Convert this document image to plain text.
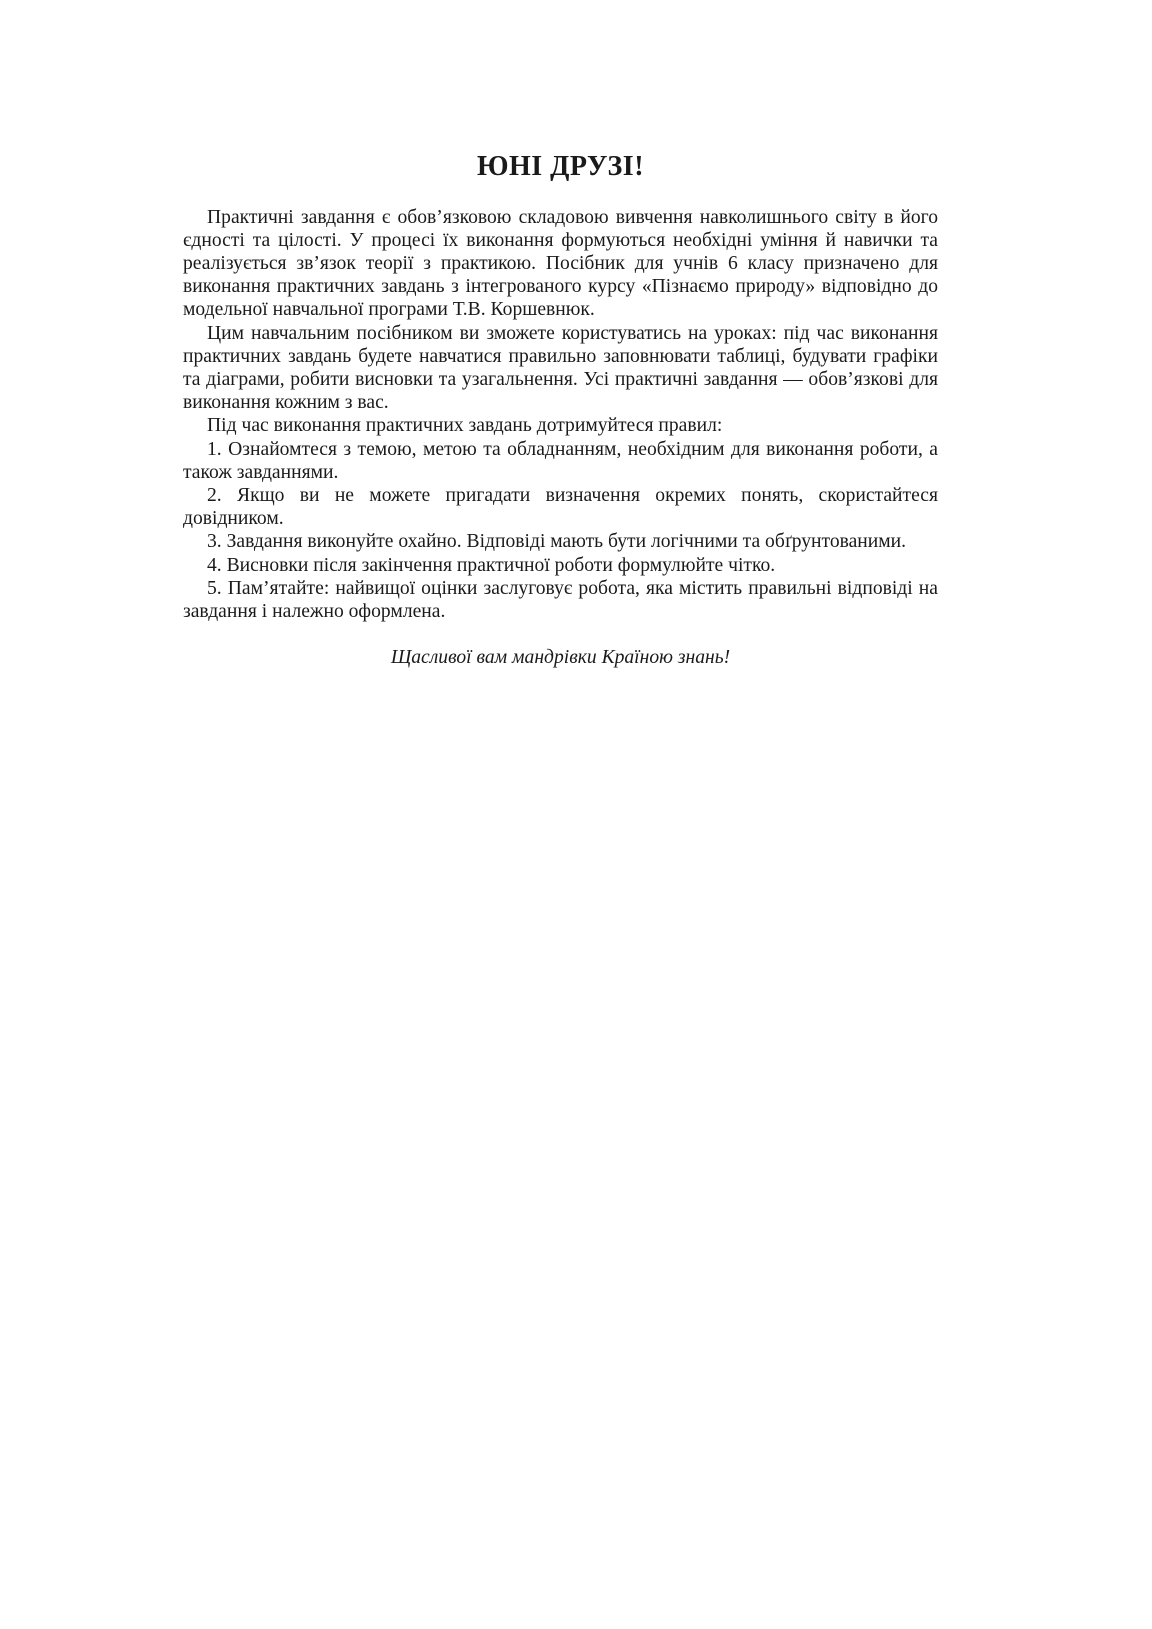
ЮНІ ДРУЗІ!

Практичні завдання є обов’язковою складовою вивчення навколишнього світу в його єдності та цілості. У процесі їх виконання формуються необхідні уміння й навички та реалізується зв’язок теорії з практикою. Посібник для учнів 6 класу призначено для виконання практичних завдань з інтегрованого курсу «Пізнаємо природу» відповідно до модельної навчальної програми Т.В. Коршевнюк.

Цим навчальним посібником ви зможете користуватись на уроках: під час виконання практичних завдань будете навчатися правильно заповнювати таблиці, будувати графіки та діаграми, робити висновки та узагальнення. Усі практичні завдання — обов’язкові для виконання кожним з вас.

Під час виконання практичних завдань дотримуйтеся правил:

1. Ознайомтеся з темою, метою та обладнанням, необхідним для виконання роботи, а також завданнями.

2. Якщо ви не можете пригадати визначення окремих понять, скористайтеся довідником.

3. Завдання виконуйте охайно. Відповіді мають бути логічними та обґрунтованими.

4. Висновки після закінчення практичної роботи формулюйте чітко.

5. Пам’ятайте: найвищої оцінки заслуговує робота, яка містить правильні відповіді на завдання і належно оформлена.

Щасливої вам мандрівки Країною знань!
